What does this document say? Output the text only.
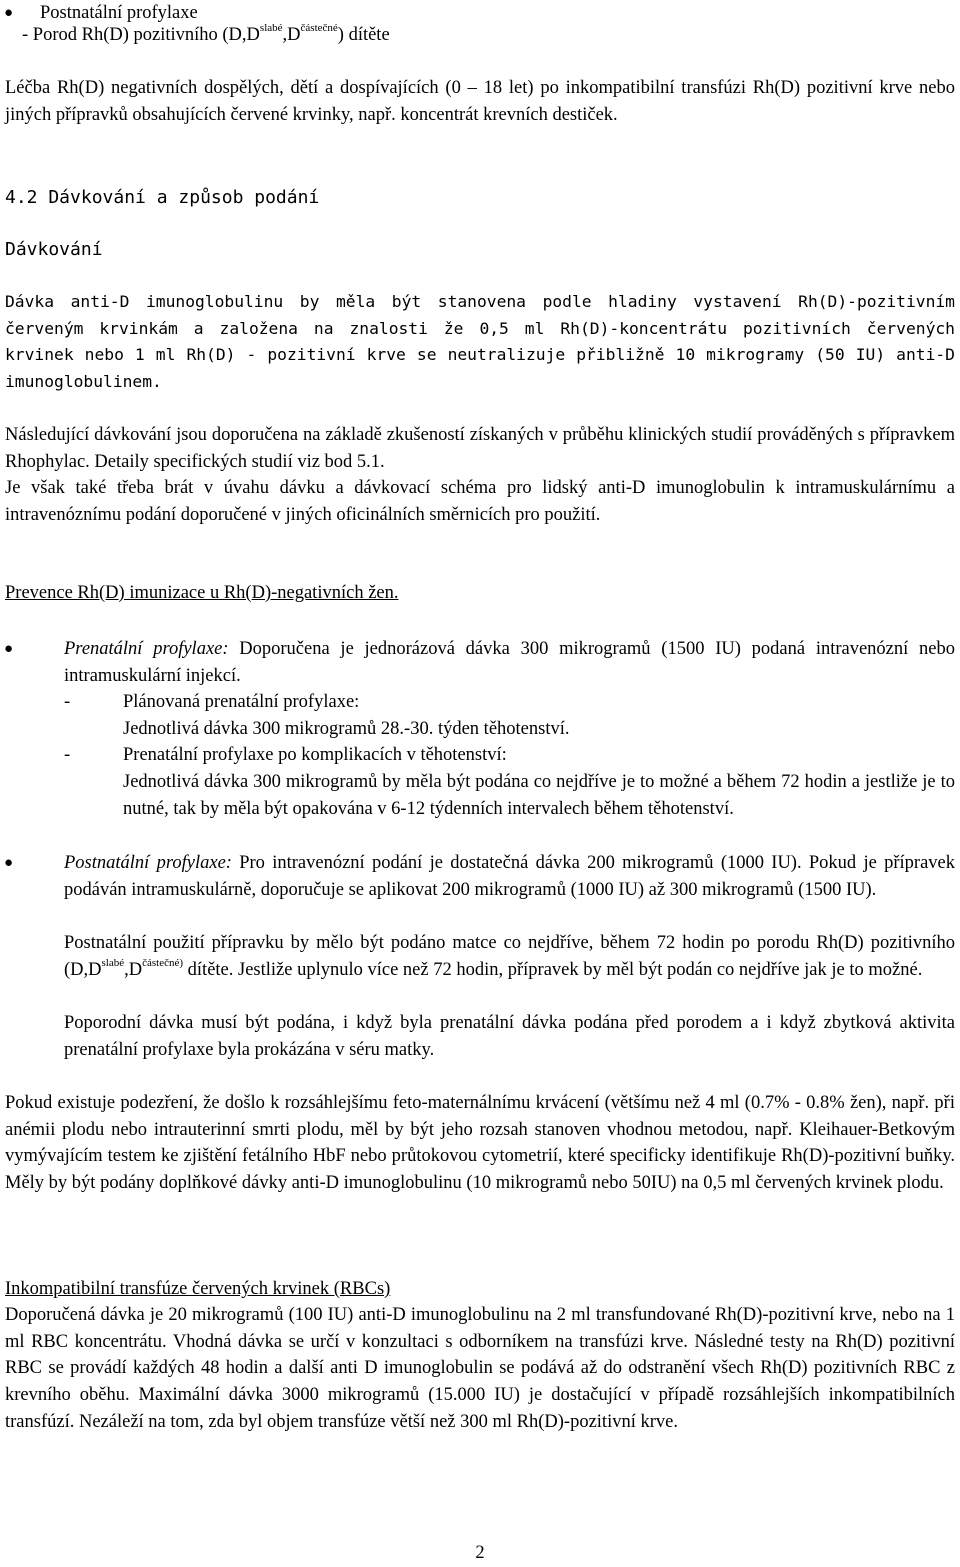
● Postnatální profylaxe
- Porod Rh(D) pozitivního $(D,D^{slabé},D^{částečné})$ dítěte

Léčba Rh(D) negativních dospělých, dětí a dospívajících (0 – 18 let) po inkompatibilní transfúzi Rh(D) pozitivní krve nebo jiných přípravků obsahujících červené krvinky, např. koncentrát krevních destiček.

4.2 Dávkování a způsob podání
Dávkování

Dávka anti-D imunoglobulinu by měla být stanovena podle hladiny vystavení Rh(D)-pozitivním červeným krvinkám a založena na znalosti že 0,5 ml Rh(D)-koncentrátu pozitivních červených krvinek nebo 1 ml Rh(D) - pozitivní krve se neutralizuje přibližně 10 mikrogramy (50 IU) anti-D imunoglobulinem.

Následující dávkování jsou doporučena na základě zkušeností získaných v průběhu klinických studií prováděných s přípravkem Rhophylac. Detaily specifických studií viz bod 5.1.

Je však také třeba brát v úvahu dávku a dávkovací schéma pro lidský anti-D imunoglobulin k intramuskulárnímu a intravenóznímu podání doporučené v jiných oficinálních směrnicích pro použití.

Prevence Rh(D) imunizace u Rh(D)-negativních žen.
●	Prenatální profylaxe: Doporučena je jednorázová dávka 300 mikrogramů (1500 IU) podaná intravenózní nebo intramuskulární injekcí.

-	Plánovaná prenatální profylaxe:
Jednotlivá dávka 300 mikrogramů 28.-30. týden těhotenství.
-	Prenatální profylaxe po komplikacích v těhotenství:

Jednotlivá dávka 300 mikrogramů by měla být podána co nejdříve je to možné a během 72 hodin a jestliže je to nutné, tak by měla být opakována v 6-12 týdenních intervalech během těhotenství.

●	Postnatální profylaxe: Pro intravenózní podání je dostatečná dávka 200 mikrogramů (1000 IU). Pokud je přípravek podáván intramuskulárně, doporučuje se aplikovat 200 mikrogramů (1000 IU) až 300 mikrogramů (1500 IU).

Postnatální použití přípravku by mělo být podáno matce co nejdříve, během 72 hodin po porodu Rh(D) pozitivního ($D,D^{slabé},D^{částečné)}$ dítěte. Jestliže uplynulo více než 72 hodin, přípravek by měl být podán co nejdříve jak je to možné.

Poporodní dávka musí být podána, i když byla prenatální dávka podána před porodem a i když zbytková aktivita prenatální profylaxe byla prokázána v séru matky.

Pokud existuje podezření, že došlo k rozsáhlejšímu feto-maternálnímu krvácení (většímu než 4 ml (0.7% - 0.8% žen), např. při anémii plodu nebo intrauterinní smrti plodu, měl by být jeho rozsah stanoven vhodnou metodou, např. Kleihauer-Betkovým vymývajícím testem ke zjištění fetálního HbF nebo průtokovou cytometrií, které specificky identifikuje Rh(D)-pozitivní buňky. Měly by být podány doplňkové dávky anti-D imunoglobulinu (10 mikrogramů nebo 50IU) na 0,5 ml červených krvinek plodu.

Inkompatibilní transfúze červených krvinek (RBCs)

Doporučená dávka je 20 mikrogramů (100 IU) anti-D imunoglobulinu na 2 ml transfundované Rh(D)-pozitivní krve, nebo na 1 ml RBC koncentrátu. Vhodná dávka se určí v konzultaci s odborníkem na transfúzi krve. Následné testy na Rh(D) pozitivní RBC se provádí každých 48 hodin a další anti D imunoglobulin se podává až do odstranění všech Rh(D) pozitivních RBC z krevního oběhu. Maximální dávka 3000 mikrogramů (15.000 IU) je dostačující v případě rozsáhlejších inkompatibilních transfúzí. Nezáleží na tom, zda byl objem transfúze větší než 300 ml Rh(D)-pozitivní krve.

2
